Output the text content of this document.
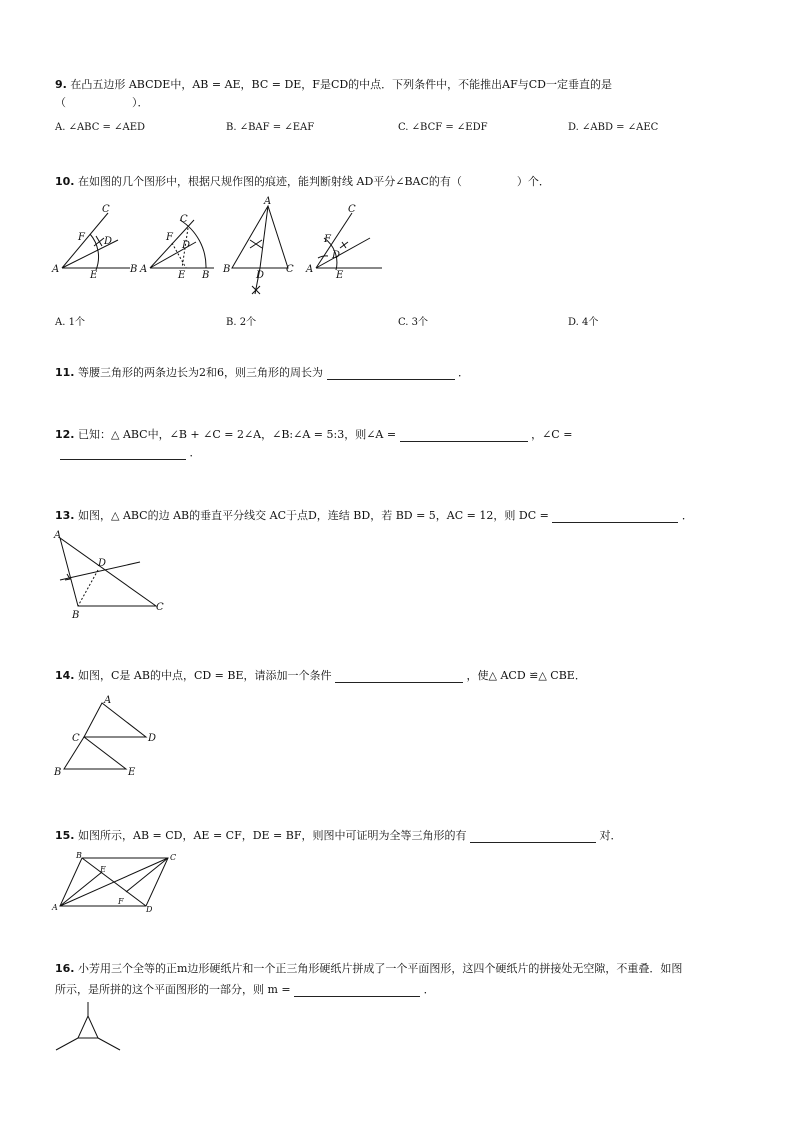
9. 在凸五边形 ABCDE中，AB = AE，BC = DE，F是CD的中点．下列条件中，不能推出AF与CD一定垂直的是
（　　　　　　）．
A. ∠ABC = ∠AED	B. ∠BAF = ∠EAF	C. ∠BCF = ∠EDF	D. ∠ABD = ∠AEC
10. 在如图的几个图形中，根据尺规作图的痕迹，能判断射线 AD平分∠BAC的有（　　　　　）个．
A	B
C
D
E
F
A
B
C
D
E
F
A
B	C
D
A
C
D
E
F
A. 1个	B. 2个	C. 3个	D. 4个
11. 等腰三角形的两条边长为2和6，则三角形的周长为	．
12. 已知：△ ABC中，∠B + ∠C = 2∠A，∠B:∠A = 5:3，则∠A =	，∠C =
．
13. 如图，△ ABC的边 AB的垂直平分线交 AC于点D，连结 BD，若 BD = 5，AC = 12，则 DC =	．
A
D
B
C
14. 如图，C是 AB的中点，CD = BE，请添加一个条件	，使△ ACD ≌△ CBE．
A
C	D
B	E
15. 如图所示，AB = CD，AE = CF，DE = BF，则图中可证明为全等三角形的有	对．
B	C
E
F
A	D
16. 小芳用三个全等的正m边形硬纸片和一个正三角形硬纸片拼成了一个平面图形，这四个硬纸片的拼接处无空隙，不重叠．如图
所示，是所拼的这个平面图形的一部分，则 m =	．
